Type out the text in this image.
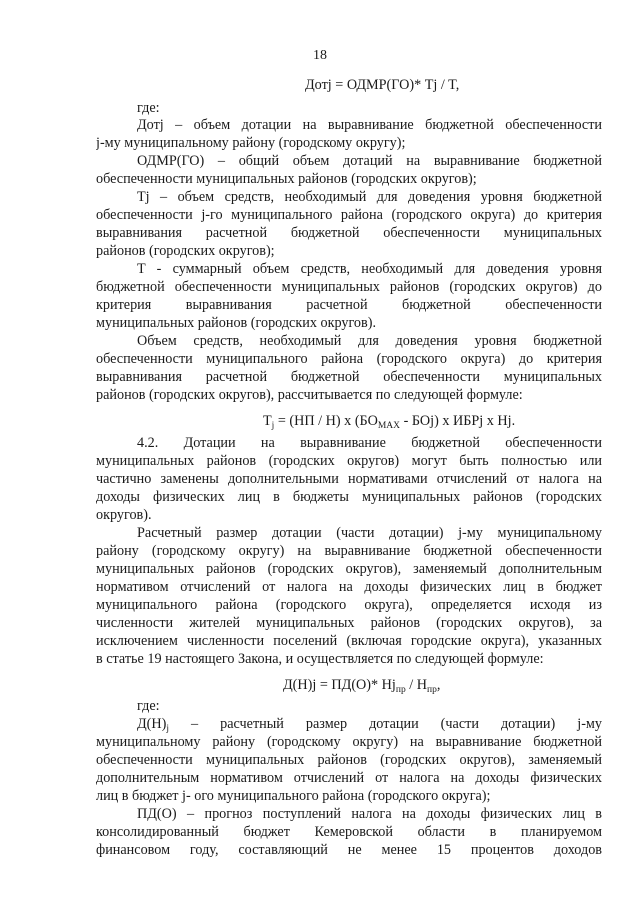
18
Дотj = ОДМР(ГО)* Tj / T,
где:
Дотj – объем дотации на выравнивание бюджетной обеспеченности
j-му муниципальному району (городскому округу);
ОДМР(ГО) – общий объем дотаций на выравнивание бюджетной
обеспеченности муниципальных районов (городских округов);
Tj – объем средств, необходимый для доведения уровня бюджетной
обеспеченности j-го муниципального района (городского округа) до критерия
выравнивания расчетной бюджетной обеспеченности муниципальных
районов (городских округов);
T - суммарный объем средств, необходимый для доведения уровня
бюджетной обеспеченности муниципальных районов (городских округов) до
критерия выравнивания расчетной бюджетной обеспеченности
муниципальных районов (городских округов).
Объем средств, необходимый для доведения уровня бюджетной
обеспеченности муниципального района (городского округа) до критерия
выравнивания расчетной бюджетной обеспеченности муниципальных
районов (городских округов), рассчитывается по следующей формуле:
$T_j = (НП / Н)$ х $(БО_{МАХ} - БОj)$ х ИБРj х Hj.
4.2. Дотации на выравнивание бюджетной обеспеченности
муниципальных районов (городских округов) могут быть полностью или
частично заменены дополнительными нормативами отчислений от налога на
доходы физических лиц в бюджеты муниципальных районов (городских
округов).
Расчетный размер дотации (части дотации) j-му муниципальному
району (городскому округу) на выравнивание бюджетной обеспеченности
муниципальных районов (городских округов), заменяемый дополнительным
нормативом отчислений от налога на доходы физических лиц в бюджет
муниципального района (городского округа), определяется исходя из
численности жителей муниципальных районов (городских округов), за
исключением численности поселений (включая городские округа), указанных
в статье 19 настоящего Закона, и осуществляется по следующей формуле:
Д(Н)j = ПД(О)* $Hj_{пр} / H_{пр}$,
где:
$Д(Н)_j$ – расчетный размер дотации (части дотации) j-му
муниципальному району (городскому округу) на выравнивание бюджетной
обеспеченности муниципальных районов (городских округов), заменяемый
дополнительным нормативом отчислений от налога на доходы физических
лиц в бюджет j- ого муниципального района (городского округа);
ПД(О) – прогноз поступлений налога на доходы физических лиц в
консолидированный бюджет Кемеровской области в планируемом
финансовом году, составляющий не менее 15 процентов доходов
